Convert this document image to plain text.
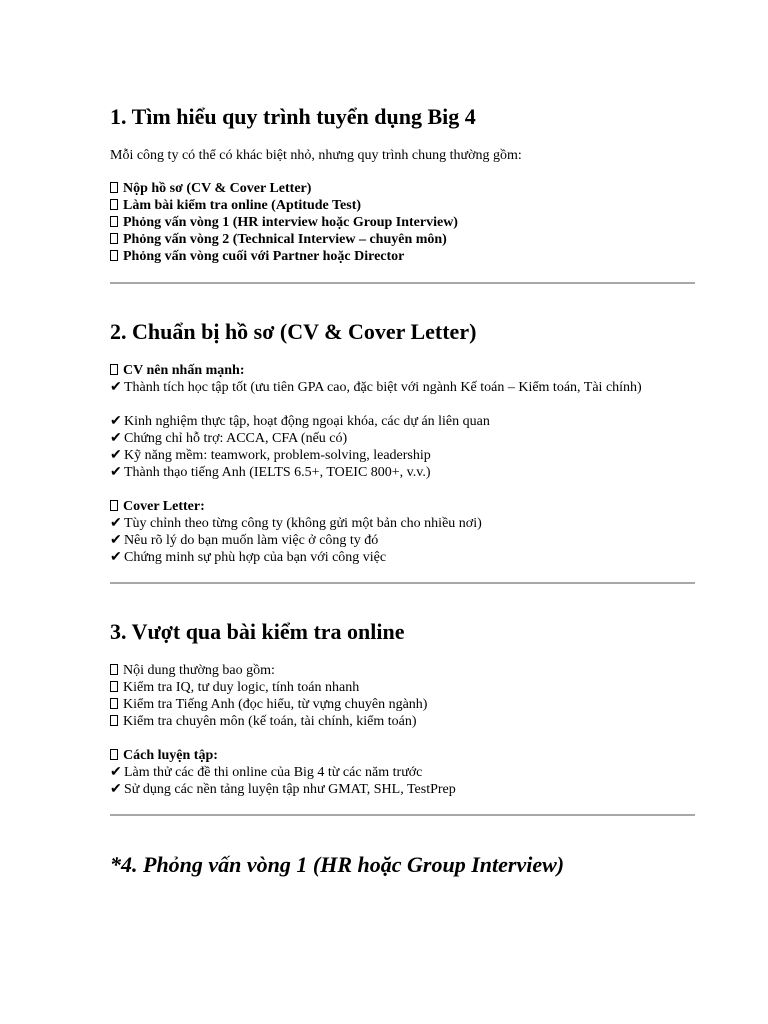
1. Tìm hiểu quy trình tuyển dụng Big 4
Mỗi công ty có thể có khác biệt nhỏ, nhưng quy trình chung thường gồm:
Nộp hồ sơ (CV & Cover Letter)
Làm bài kiểm tra online (Aptitude Test)
Phỏng vấn vòng 1 (HR interview hoặc Group Interview)
Phỏng vấn vòng 2 (Technical Interview – chuyên môn)
Phỏng vấn vòng cuối với Partner hoặc Director
2. Chuẩn bị hồ sơ (CV & Cover Letter)
CV nên nhấn mạnh:
✔ Thành tích học tập tốt (ưu tiên GPA cao, đặc biệt với ngành Kế toán – Kiểm toán, Tài chính)
✔ Kinh nghiệm thực tập, hoạt động ngoại khóa, các dự án liên quan
✔ Chứng chỉ hỗ trợ: ACCA, CFA (nếu có)
✔ Kỹ năng mềm: teamwork, problem-solving, leadership
✔ Thành thạo tiếng Anh (IELTS 6.5+, TOEIC 800+, v.v.)
Cover Letter:
✔ Tùy chỉnh theo từng công ty (không gửi một bản cho nhiều nơi)
✔ Nêu rõ lý do bạn muốn làm việc ở công ty đó
✔ Chứng minh sự phù hợp của bạn với công việc
3. Vượt qua bài kiểm tra online
Nội dung thường bao gồm:
Kiểm tra IQ, tư duy logic, tính toán nhanh
Kiểm tra Tiếng Anh (đọc hiểu, từ vựng chuyên ngành)
Kiểm tra chuyên môn (kế toán, tài chính, kiểm toán)
Cách luyện tập:
✔ Làm thử các đề thi online của Big 4 từ các năm trước
✔ Sử dụng các nền tảng luyện tập như GMAT, SHL, TestPrep
*4. Phỏng vấn vòng 1 (HR hoặc Group Interview)
